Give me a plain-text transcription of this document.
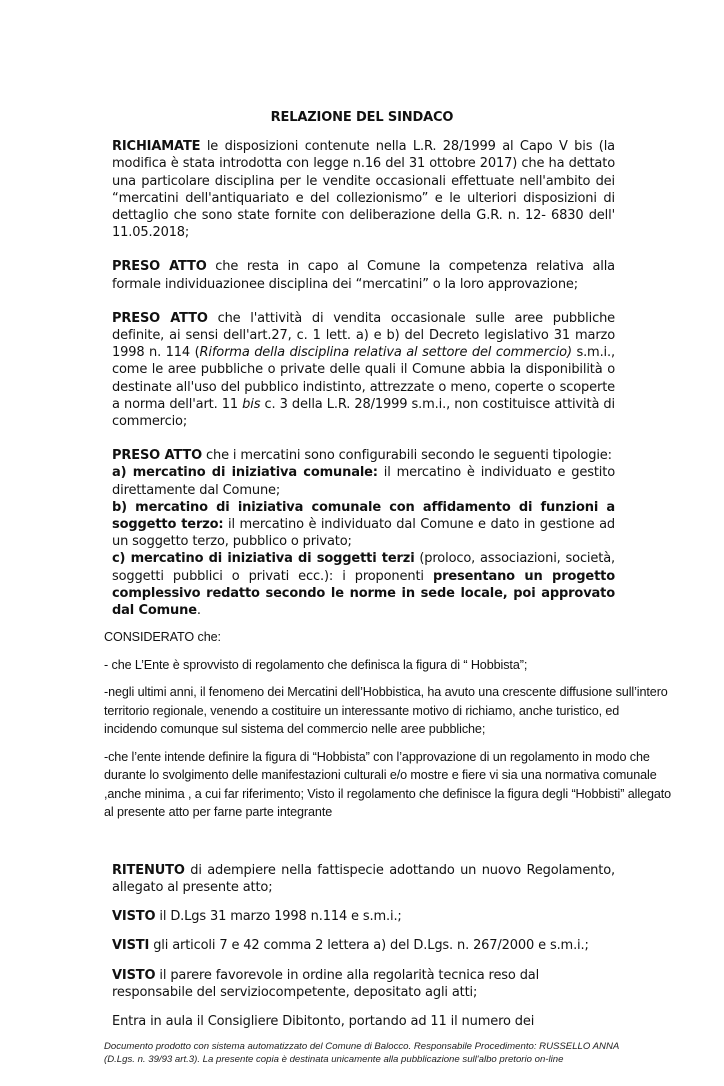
RELAZIONE DEL SINDACO

RICHIAMATE le disposizioni contenute nella L.R. 28/1999 al Capo V bis (la modifica è stata introdotta con legge n.16 del 31 ottobre 2017) che ha dettato una particolare disciplina per le vendite occasionali effettuate nell'ambito dei “mercatini dell'antiquariato e del collezionismo” e le ulteriori disposizioni di dettaglio che sono state fornite con deliberazione della G.R. n. 12- 6830 dell' 11.05.2018;

PRESO ATTO che resta in capo al Comune la competenza relativa alla formale individuazionee disciplina dei “mercatini” o la loro approvazione;

PRESO ATTO che l'attività di vendita occasionale sulle aree pubbliche definite, ai sensi dell'art.27, c. 1 lett. a) e b) del Decreto legislativo 31 marzo 1998 n. 114 (Riforma della disciplina relativa al settore del commercio) s.m.i., come le aree pubbliche o private delle quali il Comune abbia la disponibilità o destinate all'uso del pubblico indistinto, attrezzate o meno, coperte o scoperte a norma dell'art. 11 bis c. 3 della L.R. 28/1999 s.m.i., non costituisce attività di commercio;

PRESO ATTO che i mercatini sono configurabili secondo le seguenti tipologie:

a) mercatino di iniziativa comunale: il mercatino è individuato e gestito direttamente dal Comune;

b) mercatino di iniziativa comunale con affidamento di funzioni a soggetto terzo: il mercatino è individuato dal Comune e dato in gestione ad un soggetto terzo, pubblico o privato;

c) mercatino di iniziativa di soggetti terzi (proloco, associazioni, società, soggetti pubblici o privati ecc.): i proponenti presentano un progetto complessivo redatto secondo le norme in sede locale, poi approvato dal Comune.

CONSIDERATO che:
- che L’Ente è sprovvisto di regolamento che definisca la figura di “ Hobbista”;
-negli ultimi anni, il fenomeno dei Mercatini dell’Hobbistica, ha avuto una crescente diffusione sull’intero territorio regionale, venendo a costituire un interessante motivo di richiamo, anche turistico, ed incidendo comunque sul sistema del commercio nelle aree pubbliche;
-che l’ente intende definire la figura di “Hobbista” con l’approvazione di un regolamento in modo che durante lo svolgimento delle manifestazioni culturali e/o mostre e fiere vi sia una normativa comunale ,anche minima , a cui far riferimento; Visto il regolamento che definisce la figura degli “Hobbisti” allegato al presente atto per farne parte integrante

RITENUTO di adempiere nella fattispecie adottando un nuovo Regolamento, allegato al presente atto;

VISTO il D.Lgs 31 marzo 1998 n.114 e s.m.i.;

VISTI gli articoli 7 e 42 comma 2 lettera a) del D.Lgs. n. 267/2000 e s.m.i.;

VISTO il parere favorevole in ordine alla regolarità tecnica reso dal

responsabile del serviziocompetente, depositato agli atti;

Entra in aula il Consigliere Dibitonto, portando ad 11 il numero dei
Documento prodotto con sistema automatizzato del Comune di Balocco. Responsabile Procedimento: RUSSELLO ANNA
(D.Lgs. n. 39/93 art.3). La presente copia è destinata unicamente alla pubblicazione sull'albo pretorio on-line
